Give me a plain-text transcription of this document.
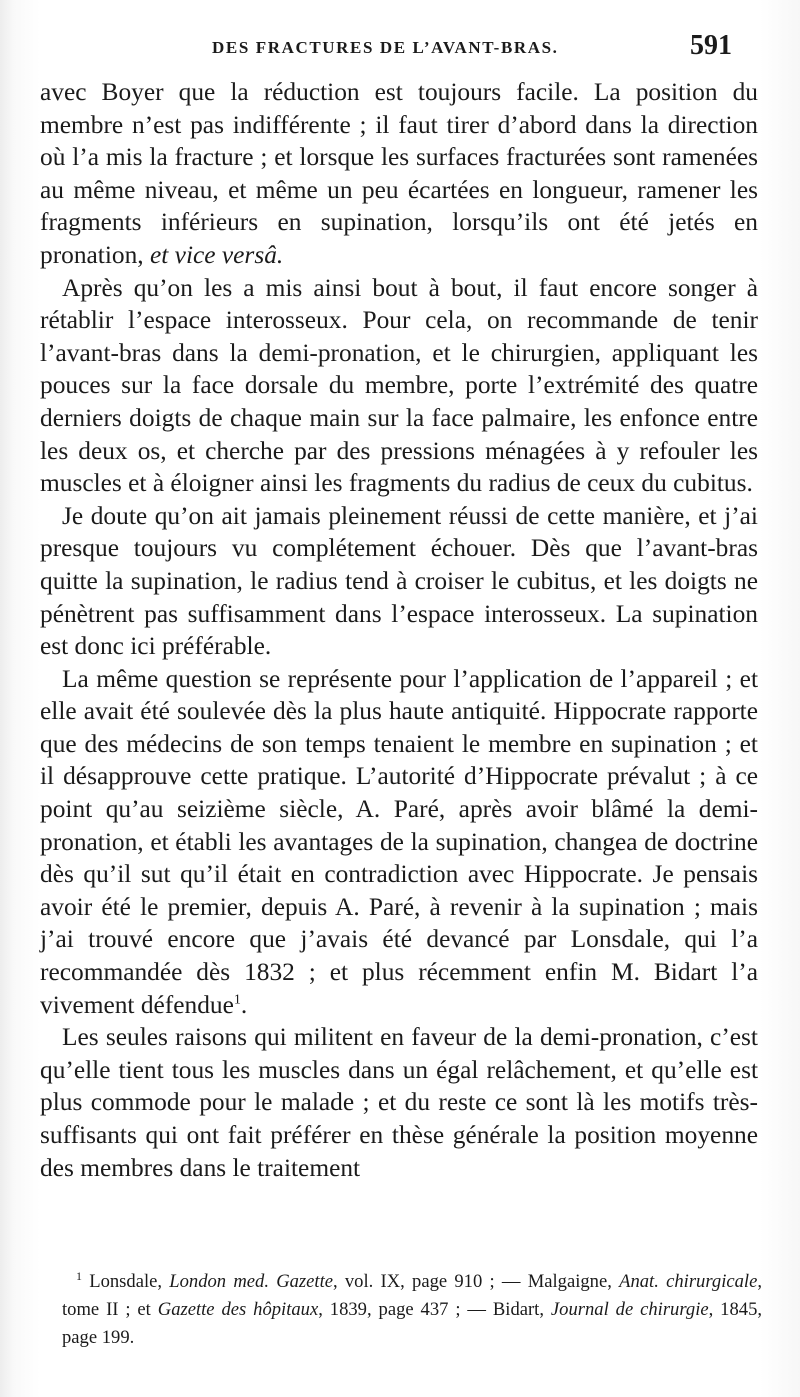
DES FRACTURES DE L’AVANT-BRAS.	591

avec Boyer que la réduction est toujours facile. La position du membre n’est pas indifférente ; il faut tirer d’abord dans la direction où l’a mis la fracture ; et lorsque les surfaces fracturées sont ramenées au même niveau, et même un peu écartées en longueur, ramener les fragments inférieurs en supination, lorsqu’ils ont été jetés en pronation, et vice versâ.

Après qu’on les a mis ainsi bout à bout, il faut encore songer à rétablir l’espace interosseux. Pour cela, on recommande de tenir l’avant-bras dans la demi-pronation, et le chirurgien, appliquant les pouces sur la face dorsale du membre, porte l’extrémité des quatre derniers doigts de chaque main sur la face palmaire, les enfonce entre les deux os, et cherche par des pressions ménagées à y refouler les muscles et à éloigner ainsi les fragments du radius de ceux du cubitus.

Je doute qu’on ait jamais pleinement réussi de cette manière, et j’ai presque toujours vu complétement échouer. Dès que l’avant-bras quitte la supination, le radius tend à croiser le cubitus, et les doigts ne pénètrent pas suffisamment dans l’espace interosseux. La supination est donc ici préférable.

La même question se représente pour l’application de l’appareil ; et elle avait été soulevée dès la plus haute antiquité. Hippocrate rapporte que des médecins de son temps tenaient le membre en supination ; et il désapprouve cette pratique. L’autorité d’Hippocrate prévalut ; à ce point qu’au seizième siècle, A. Paré, après avoir blâmé la demi-pronation, et établi les avantages de la supination, changea de doctrine dès qu’il sut qu’il était en contradiction avec Hippocrate. Je pensais avoir été le premier, depuis A. Paré, à revenir à la supination ; mais j’ai trouvé encore que j’avais été devancé par Lonsdale, qui l’a recommandée dès 1832 ; et plus récemment enfin M. Bidart l’a vivement défendue$^1$.

Les seules raisons qui militent en faveur de la demi-pronation, c’est qu’elle tient tous les muscles dans un égal relâchement, et qu’elle est plus commode pour le malade ; et du reste ce sont là les motifs très-suffisants qui ont fait préférer en thèse générale la position moyenne des membres dans le traitement

$^1$ Lonsdale, London med. Gazette, vol. IX, page 910 ; — Malgaigne, Anat. chirurgicale, tome II ; et Gazette des hôpitaux, 1839, page 437 ; — Bidart, Journal de chirurgie, 1845, page 199.
